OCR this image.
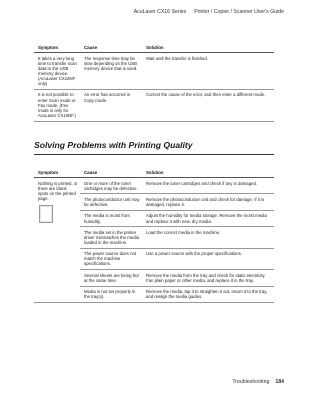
AcuLaser CX16 Series Printer / Copier / Scanner User's Guide
Symptom	Cause	Solution
It takes a very long time to transfer scan data to the USB memory device. (AcuLaser CX16NF only)	The response time may be slow depending on the USB memory device that is used.	Wait until the transfer is finished.
It is not possible to enter Scan mode or Fax mode. (Fax mode is only for AcuLaser CX16NF.)	An error has occurred in Copy mode.	Correct the cause of the error, and then enter a different mode.
Solving Problems with Printing Quality
Symptom	Cause	Solution

Nothing is printed, or there are blank spots on the printed page.	One or more of the toner cartridges may be defective.	Remove the toner cartridges and check if any is damaged.
	The photoconductor unit may be defective.	Remove the photoconductor unit and check for damage. If it is damaged, replace it.
	The media is moist from humidity.	Adjust the humidity for media storage. Remove the moist media and replace it with new, dry media.
	The media set in the printer driver mismatches the media loaded in the machine.	Load the correct media in the machine.
	The power source does not match the machine specifications.	Use a power source with the proper specifications.
	Several sheets are being fed at the same time.	Remove the media from the tray and check for static electricity. Fan plain paper or other media, and replace it in the tray.
	Media is not set properly in the tray(s).	Remove the media, tap it to straighten it out, return it to the tray, and realign the media guides.
Troubleshooting 184
